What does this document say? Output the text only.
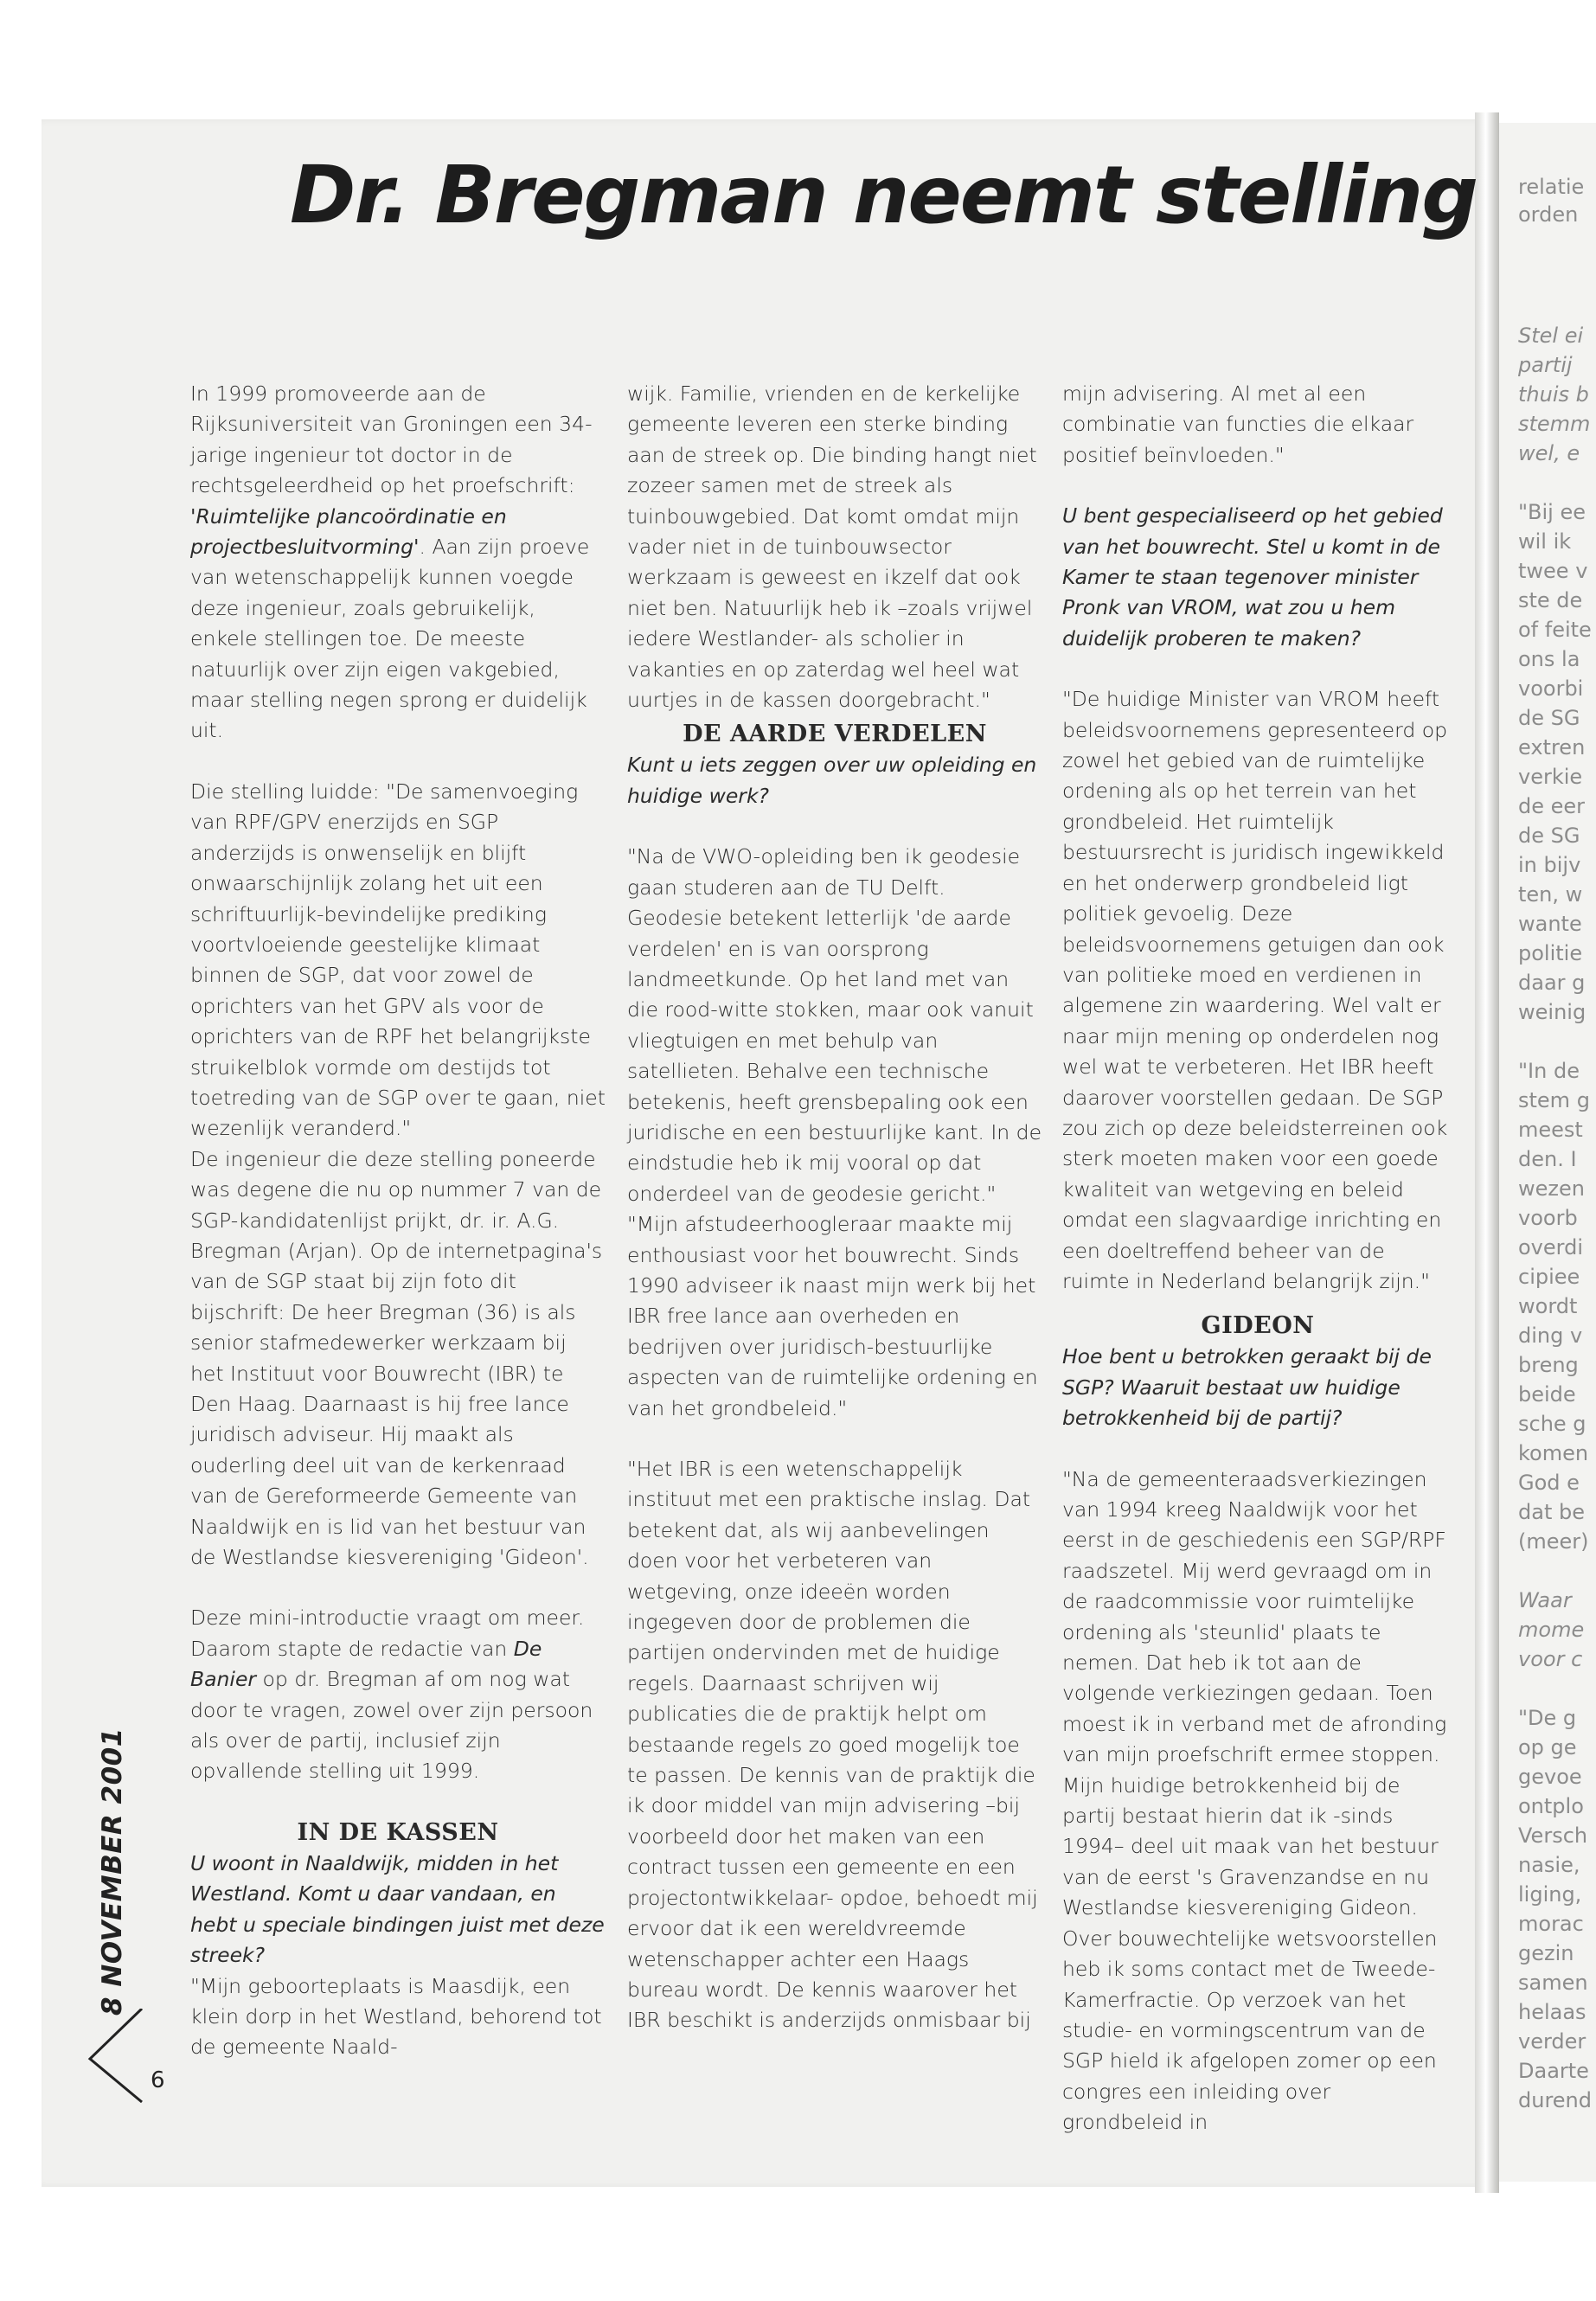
relatie
orden
Stel ei
partij
thuis b
stemm
wel, e
"Bij ee
wil ik
twee v
ste de
of feite
ons la
voorbi
de SG
extren
verkie
de eer
de SG
in bijv
ten, w
wante
politie
daar g
weinig
"In de
stem g
meest
den. I
wezen
voorb
overdi
cipiee
wordt
ding v
breng
beide
sche g
komen
God e
dat be
(meer)
Waar
mome
voor c
"De g
op ge
gevoe
ontplo
Versch
nasie,
liging,
morac
gezin
samen
helaas
verder
Daarte
durend
Dr. Bregman neemt stelling

In 1999 promoveerde aan de Rijksuniversiteit van Groningen een 34-jarige ingenieur tot doctor in de rechtsgeleerdheid op het proefschrift: 'Ruimtelijke plancoördinatie en projectbesluitvorming'. Aan zijn proeve van wetenschappelijk kunnen voegde deze ingenieur, zoals gebruikelijk, enkele stellingen toe. De meeste natuurlijk over zijn eigen vakgebied, maar stelling negen sprong er duidelijk uit.

Die stelling luidde: "De samenvoeging van RPF/GPV enerzijds en SGP anderzijds is onwenselijk en blijft onwaarschijnlijk zolang het uit een schriftuurlijk-bevindelijke prediking voortvloeiende geestelijke klimaat binnen de SGP, dat voor zowel de oprichters van het GPV als voor de oprichters van de RPF het belangrijkste struikelblok vormde om destijds tot toetreding van de SGP over te gaan, niet wezenlijk veranderd."

De ingenieur die deze stelling poneerde was degene die nu op nummer 7 van de SGP-kandidatenlijst prijkt, dr. ir. A.G. Bregman (Arjan). Op de internetpagina's van de SGP staat bij zijn foto dit bijschrift: De heer Bregman (36) is als senior stafmedewerker werkzaam bij het Instituut voor Bouwrecht (IBR) te Den Haag. Daarnaast is hij free lance juridisch adviseur. Hij maakt als ouderling deel uit van de kerkenraad van de Gereformeerde Gemeente van Naaldwijk en is lid van het bestuur van de Westlandse kiesvereniging 'Gideon'.

Deze mini-introductie vraagt om meer. Daarom stapte de redactie van De Banier op dr. Bregman af om nog wat door te vragen, zowel over zijn persoon als over de partij, inclusief zijn opvallende stelling uit 1999.

IN DE KASSEN

U woont in Naaldwijk, midden in het Westland. Komt u daar vandaan, en hebt u speciale bindingen juist met deze streek?

"Mijn geboorteplaats is Maasdijk, een klein dorp in het Westland, behorend tot de gemeente Naald-

wijk. Familie, vrienden en de kerkelijke gemeente leveren een sterke binding aan de streek op. Die binding hangt niet zozeer samen met de streek als tuinbouwgebied. Dat komt omdat mijn vader niet in de tuinbouwsector werkzaam is geweest en ikzelf dat ook niet ben. Natuurlijk heb ik –zoals vrijwel iedere Westlander- als scholier in vakanties en op zaterdag wel heel wat uurtjes in de kassen doorgebracht."

DE AARDE VERDELEN

Kunt u iets zeggen over uw opleiding en huidige werk?

"Na de VWO-opleiding ben ik geodesie gaan studeren aan de TU Delft. Geodesie betekent letterlijk 'de aarde verdelen' en is van oorsprong landmeetkunde. Op het land met van die rood-witte stokken, maar ook vanuit vliegtuigen en met behulp van satellieten. Behalve een technische betekenis, heeft grensbepaling ook een juridische en een bestuurlijke kant. In de eindstudie heb ik mij vooral op dat onderdeel van de geodesie gericht."

"Mijn afstudeerhoogleraar maakte mij enthousiast voor het bouwrecht. Sinds 1990 adviseer ik naast mijn werk bij het IBR free lance aan overheden en bedrijven over juridisch-bestuurlijke aspecten van de ruimtelijke ordening en van het grondbeleid."

"Het IBR is een wetenschappelijk instituut met een praktische inslag. Dat betekent dat, als wij aanbevelingen doen voor het verbeteren van wetgeving, onze ideeën worden ingegeven door de problemen die partijen ondervinden met de huidige regels. Daarnaast schrijven wij publicaties die de praktijk helpt om bestaande regels zo goed mogelijk toe te passen. De kennis van de praktijk die ik door middel van mijn advisering –bij voorbeeld door het maken van een contract tussen een gemeente en een projectontwikkelaar- opdoe, behoedt mij ervoor dat ik een wereldvreemde wetenschapper achter een Haags bureau wordt. De kennis waarover het IBR beschikt is anderzijds onmisbaar bij

mijn advisering. Al met al een combinatie van functies die elkaar positief beïnvloeden."

U bent gespecialiseerd op het gebied van het bouwrecht. Stel u komt in de Kamer te staan tegenover minister Pronk van VROM, wat zou u hem duidelijk proberen te maken?

"De huidige Minister van VROM heeft beleidsvoornemens gepresenteerd op zowel het gebied van de ruimtelijke ordening als op het terrein van het grondbeleid. Het ruimtelijk bestuursrecht is juridisch ingewikkeld en het onderwerp grondbeleid ligt politiek gevoelig. Deze beleidsvoornemens getuigen dan ook van politieke moed en verdienen in algemene zin waardering. Wel valt er naar mijn mening op onderdelen nog wel wat te verbeteren. Het IBR heeft daarover voorstellen gedaan. De SGP zou zich op deze beleidsterreinen ook sterk moeten maken voor een goede kwaliteit van wetgeving en beleid omdat een slagvaardige inrichting en een doeltreffend beheer van de ruimte in Nederland belangrijk zijn."

GIDEON

Hoe bent u betrokken geraakt bij de SGP? Waaruit bestaat uw huidige betrokkenheid bij de partij?

"Na de gemeenteraadsverkiezingen van 1994 kreeg Naaldwijk voor het eerst in de geschiedenis een SGP/RPF raadszetel. Mij werd gevraagd om in de raadcommissie voor ruimtelijke ordening als 'steunlid' plaats te nemen. Dat heb ik tot aan de volgende verkiezingen gedaan. Toen moest ik in verband met de afronding van mijn proefschrift ermee stoppen. Mijn huidige betrokkenheid bij de partij bestaat hierin dat ik -sinds 1994– deel uit maak van het bestuur van de eerst 's Gravenzandse en nu Westlandse kiesvereniging Gideon. Over bouwechtelijke wetsvoorstellen heb ik soms contact met de Tweede-Kamerfractie. Op verzoek van het studie- en vormingscentrum van de SGP hield ik afgelopen zomer op een congres een inleiding over grondbeleid in

8 NOVEMBER 2001
6
